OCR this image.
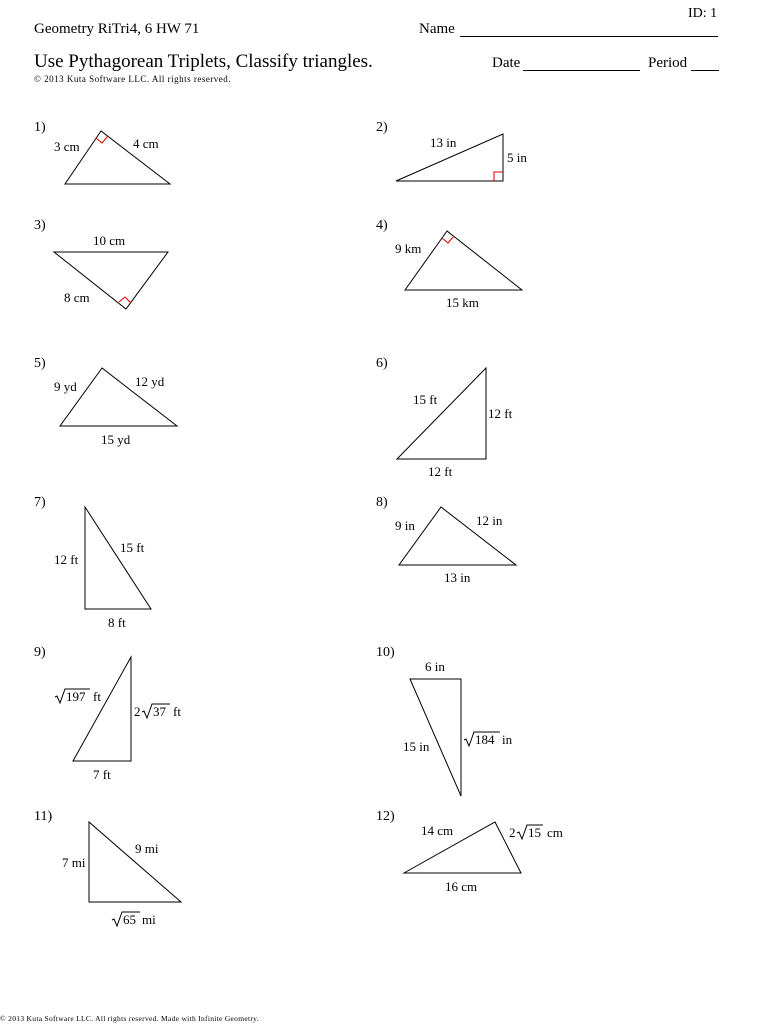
ID: 1
Geometry RiTri4, 6 HW 71	Name
Use Pythagorean Triplets, Classify triangles.	Date	Period
© 2013 Kuta Software LLC. All rights reserved.
1)	2)
3)	4)
5)	6)
7)	8)
9)	10)
11)	12)
3 cm	4 cm	13 in
5 in
10 cm
8 cm
9 km
15 km
9 yd	12 yd
15 yd
15 ft
12 ft
12 ft
12 ft
15 ft
8 ft
9 in	12 in
13 in
197 ft
2 37 ft
7 ft
6 in
15 in	184 in
7 mi
9 mi
65 mi
14 cm	2 15 cm
16 cm
© 2013 Kuta Software LLC. All rights reserved. Made with Infinite Geometry.
